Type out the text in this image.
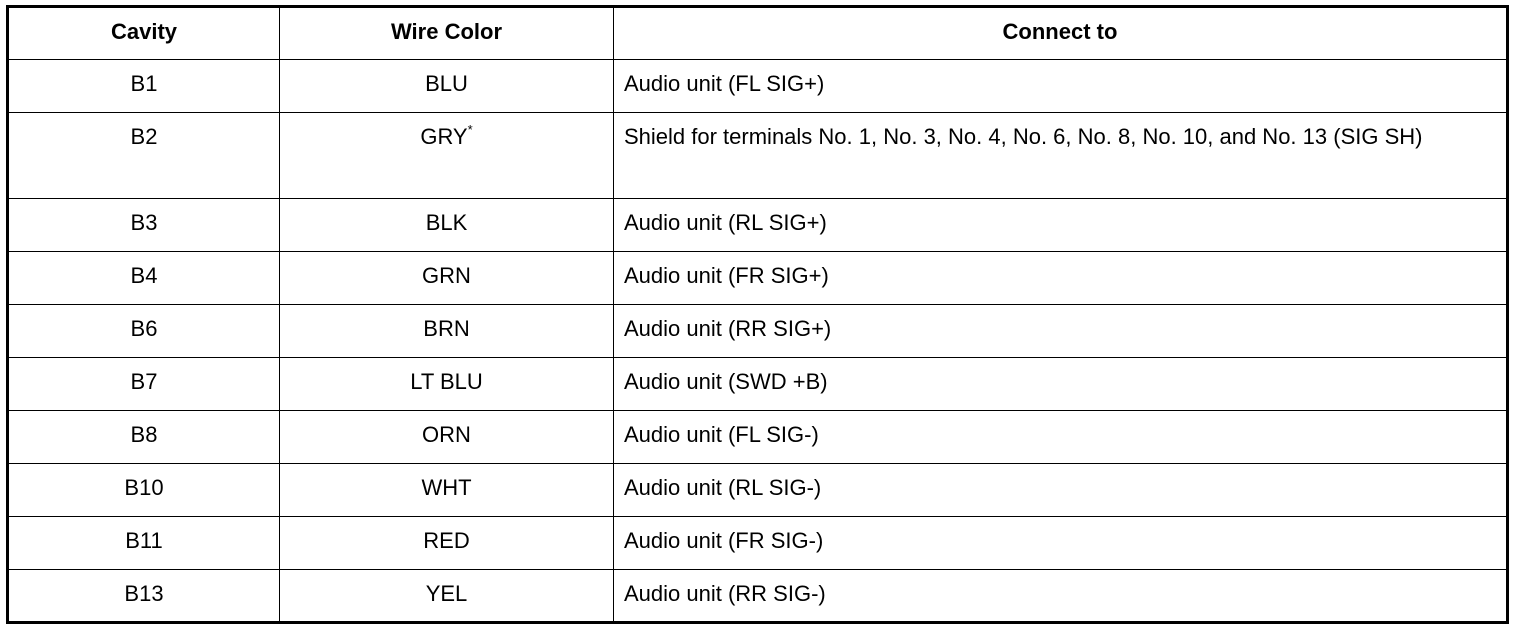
Cavity	Wire Color	Connect to
B1	BLU	Audio unit (FL SIG+)
B2	GRY*	Shield for terminals No. 1, No. 3, No. 4, No. 6, No. 8, No. 10, and No. 13 (SIG SH)
B3	BLK	Audio unit (RL SIG+)
B4	GRN	Audio unit (FR SIG+)
B6	BRN	Audio unit (RR SIG+)
B7	LT BLU	Audio unit (SWD +B)
B8	ORN	Audio unit (FL SIG-)
B10	WHT	Audio unit (RL SIG-)
B11	RED	Audio unit (FR SIG-)
B13	YEL	Audio unit (RR SIG-)
